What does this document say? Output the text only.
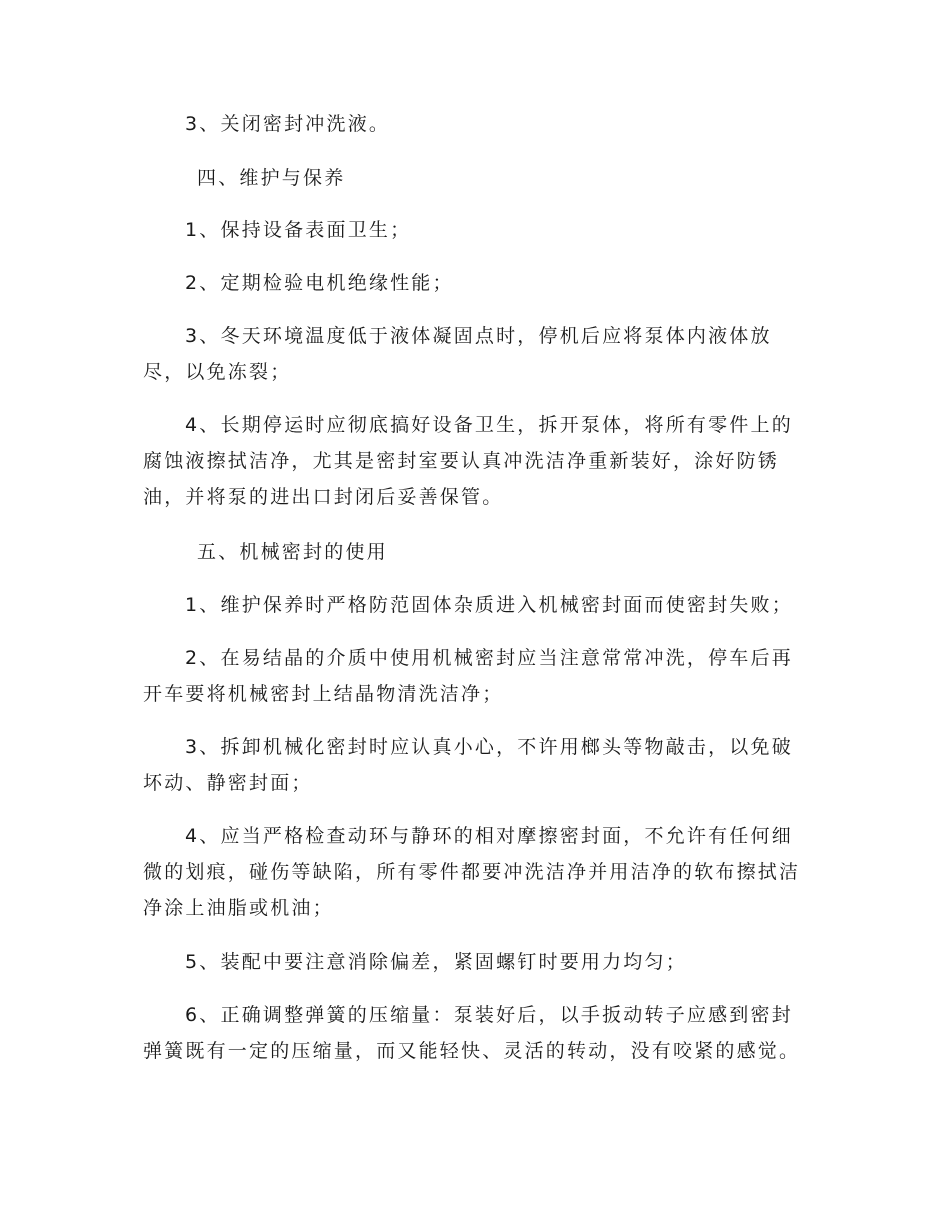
3、关闭密封冲洗液。

四、维护与保养

1、保持设备表面卫生；

2、定期检验电机绝缘性能；

3、冬天环境温度低于液体凝固点时，停机后应将泵体内液体放尽，以免冻裂；

4、长期停运时应彻底搞好设备卫生，拆开泵体，将所有零件上的腐蚀液擦拭洁净，尤其是密封室要认真冲洗洁净重新装好，涂好防锈油，并将泵的进出口封闭后妥善保管。

五、机械密封的使用

1、维护保养时严格防范固体杂质进入机械密封面而使密封失败；

2、在易结晶的介质中使用机械密封应当注意常常冲洗，停车后再开车要将机械密封上结晶物清洗洁净；

3、拆卸机械化密封时应认真小心，不许用榔头等物敲击，以免破坏动、静密封面；

4、应当严格检查动环与静环的相对摩擦密封面，不允许有任何细微的划痕，碰伤等缺陷，所有零件都要冲洗洁净并用洁净的软布擦拭洁净涂上油脂或机油；

5、装配中要注意消除偏差，紧固螺钉时要用力均匀；

6、正确调整弹簧的压缩量：泵装好后，以手扳动转子应感到密封弹簧既有一定的压缩量，而又能轻快、灵活的转动，没有咬紧的感觉。
